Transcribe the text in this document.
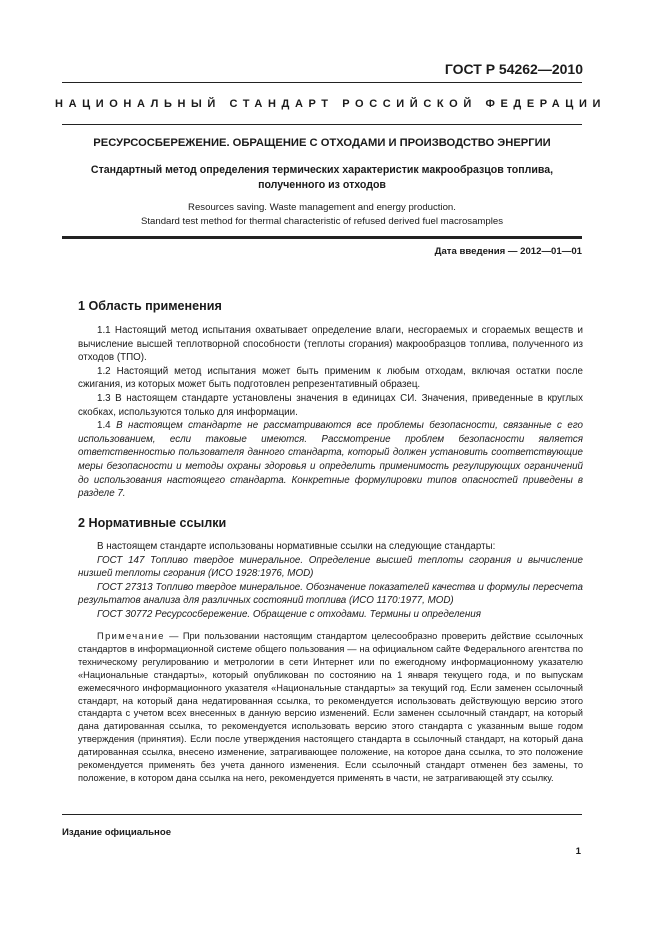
ГОСТ Р 54262—2010
НАЦИОНАЛЬНЫЙ СТАНДАРТ РОССИЙСКОЙ ФЕДЕРАЦИИ
РЕСУРСОСБЕРЕЖЕНИЕ. ОБРАЩЕНИЕ С ОТХОДАМИ И ПРОИЗВОДСТВО ЭНЕРГИИ
Стандартный метод определения термических характеристик макрообразцов топлива,
полученного из отходов
Resources saving. Waste management and energy production.
Standard test method for thermal characteristic of refused derived fuel macrosamples
Дата введения — 2012—01—01
1 Область применения

1.1 Настоящий метод испытания охватывает определение влаги, несгораемых и сгораемых веществ и вычисление высшей теплотворной способности (теплоты сгорания) макрообразцов топлива, полученного из отходов (ТПО).

1.2 Настоящий метод испытания может быть применим к любым отходам, включая остатки после сжигания, из которых может быть подготовлен репрезентативный образец.

1.3 В настоящем стандарте установлены значения в единицах СИ. Значения, приведенные в круглых скобках, используются только для информации.

1.4 В настоящем стандарте не рассматриваются все проблемы безопасности, связанные с его использованием, если таковые имеются. Рассмотрение проблем безопасности является ответственностью пользователя данного стандарта, который должен установить соответствующие меры безопасности и методы охраны здоровья и определить применимость регулирующих ограничений до использования настоящего стандарта. Конкретные формулировки типов опасностей приведены в разделе 7.

2 Нормативные ссылки

В настоящем стандарте использованы нормативные ссылки на следующие стандарты:

ГОСТ 147 Топливо твердое минеральное. Определение высшей теплоты сгорания и вычисление низшей теплоты сгорания (ИСО 1928:1976, MOD)

ГОСТ 27313 Топливо твердое минеральное. Обозначение показателей качества и формулы пересчета результатов анализа для различных состояний топлива (ИСО 1170:1977, MOD)

ГОСТ 30772 Ресурсосбережение. Обращение с отходами. Термины и определения

Примечание — При пользовании настоящим стандартом целесообразно проверить действие ссылочных стандартов в информационной системе общего пользования — на официальном сайте Федерального агентства по техническому регулированию и метрологии в сети Интернет или по ежегодному информационному указателю «Национальные стандарты», который опубликован по состоянию на 1 января текущего года, и по выпускам ежемесячного информационного указателя «Национальные стандарты» за текущий год. Если заменен ссылочный стандарт, на который дана недатированная ссылка, то рекомендуется использовать действующую версию этого стандарта с учетом всех внесенных в данную версию изменений. Если заменен ссылочный стандарт, на который дана датированная ссылка, то рекомендуется использовать версию этого стандарта с указанным выше годом утверждения (принятия). Если после утверждения настоящего стандарта в ссылочный стандарт, на который дана датированная ссылка, внесено изменение, затрагивающее положение, на которое дана ссылка, то это положение рекомендуется применять без учета данного изменения. Если ссылочный стандарт отменен без замены, то положение, в котором дана ссылка на него, рекомендуется применять в части, не затрагивающей эту ссылку.

Издание официальное
1
